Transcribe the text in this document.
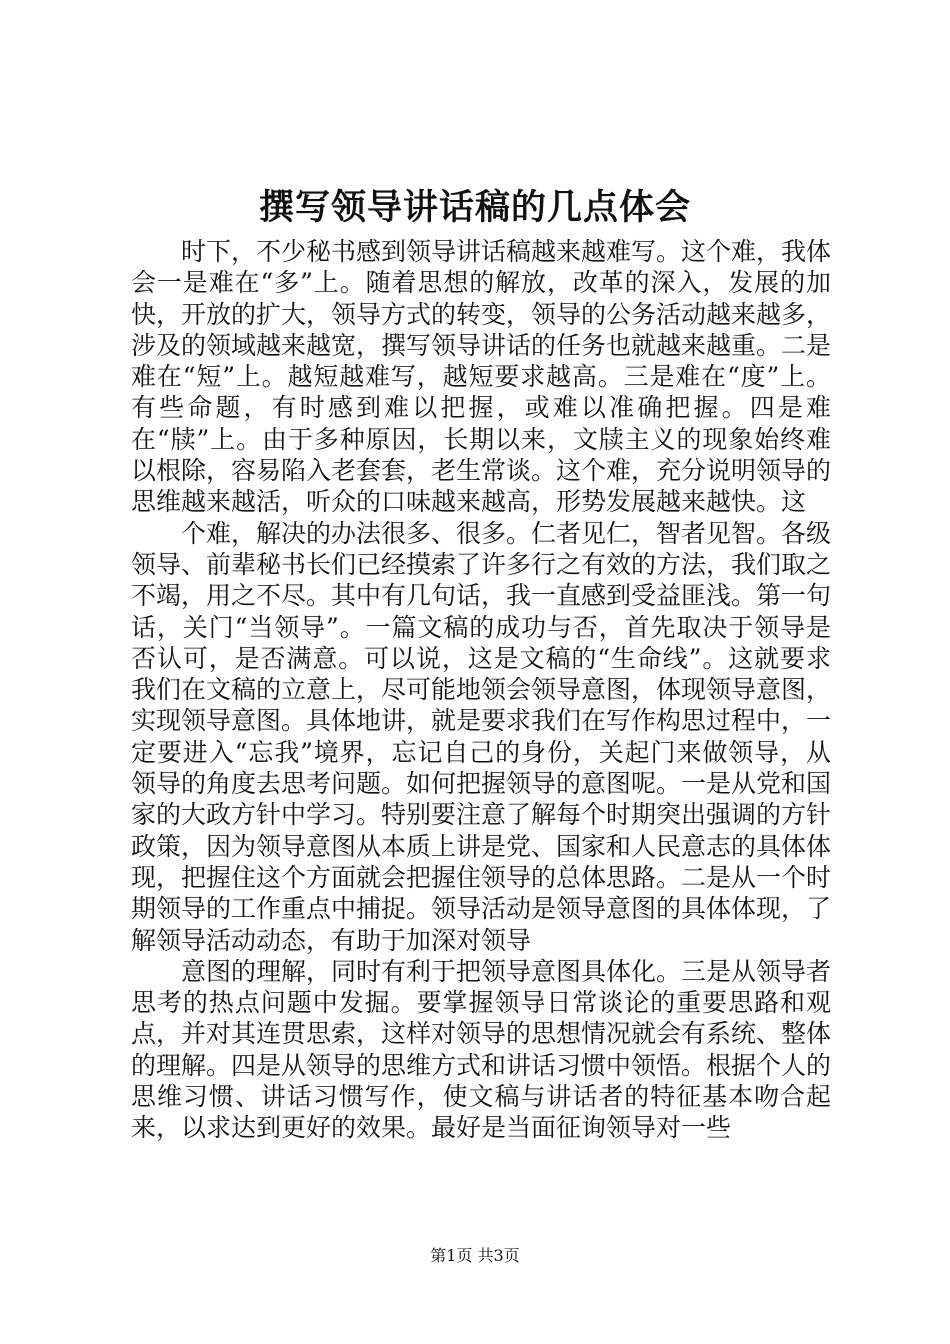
撰写领导讲话稿的几点体会

时下，不少秘书感到领导讲话稿越来越难写。这个难，我体会一是难在“多”上。随着思想的解放，改革的深入，发展的加快，开放的扩大，领导方式的转变，领导的公务活动越来越多，涉及的领域越来越宽，撰写领导讲话的任务也就越来越重。二是难在“短”上。越短越难写，越短要求越高。三是难在“度”上。有些命题，有时感到难以把握，或难以准确把握。四是难在“牍”上。由于多种原因，长期以来，文牍主义的现象始终难以根除，容易陷入老套套，老生常谈。这个难，充分说明领导的思维越来越活，听众的口味越来越高，形势发展越来越快。这

个难，解决的办法很多、很多。仁者见仁，智者见智。各级领导、前辈秘书长们已经摸索了许多行之有效的方法，我们取之不竭，用之不尽。其中有几句话，我一直感到受益匪浅。第一句话，关门“当领导”。一篇文稿的成功与否，首先取决于领导是否认可，是否满意。可以说，这是文稿的“生命线”。这就要求我们在文稿的立意上，尽可能地领会领导意图，体现领导意图，实现领导意图。具体地讲，就是要求我们在写作构思过程中，一定要进入“忘我”境界，忘记自己的身份，关起门来做领导，从领导的角度去思考问题。如何把握领导的意图呢。一是从党和国家的大政方针中学习。特别要注意了解每个时期突出强调的方针政策，因为领导意图从本质上讲是党、国家和人民意志的具体体现，把握住这个方面就会把握住领导的总体思路。二是从一个时期领导的工作重点中捕捉。领导活动是领导意图的具体体现，了解领导活动动态，有助于加深对领导

意图的理解，同时有利于把领导意图具体化。三是从领导者思考的热点问题中发掘。要掌握领导日常谈论的重要思路和观点，并对其连贯思索，这样对领导的思想情况就会有系统、整体的理解。四是从领导的思维方式和讲话习惯中领悟。根据个人的思维习惯、讲话习惯写作，使文稿与讲话者的特征基本吻合起来，以求达到更好的效果。最好是当面征询领导对一些

第1页 共3页
